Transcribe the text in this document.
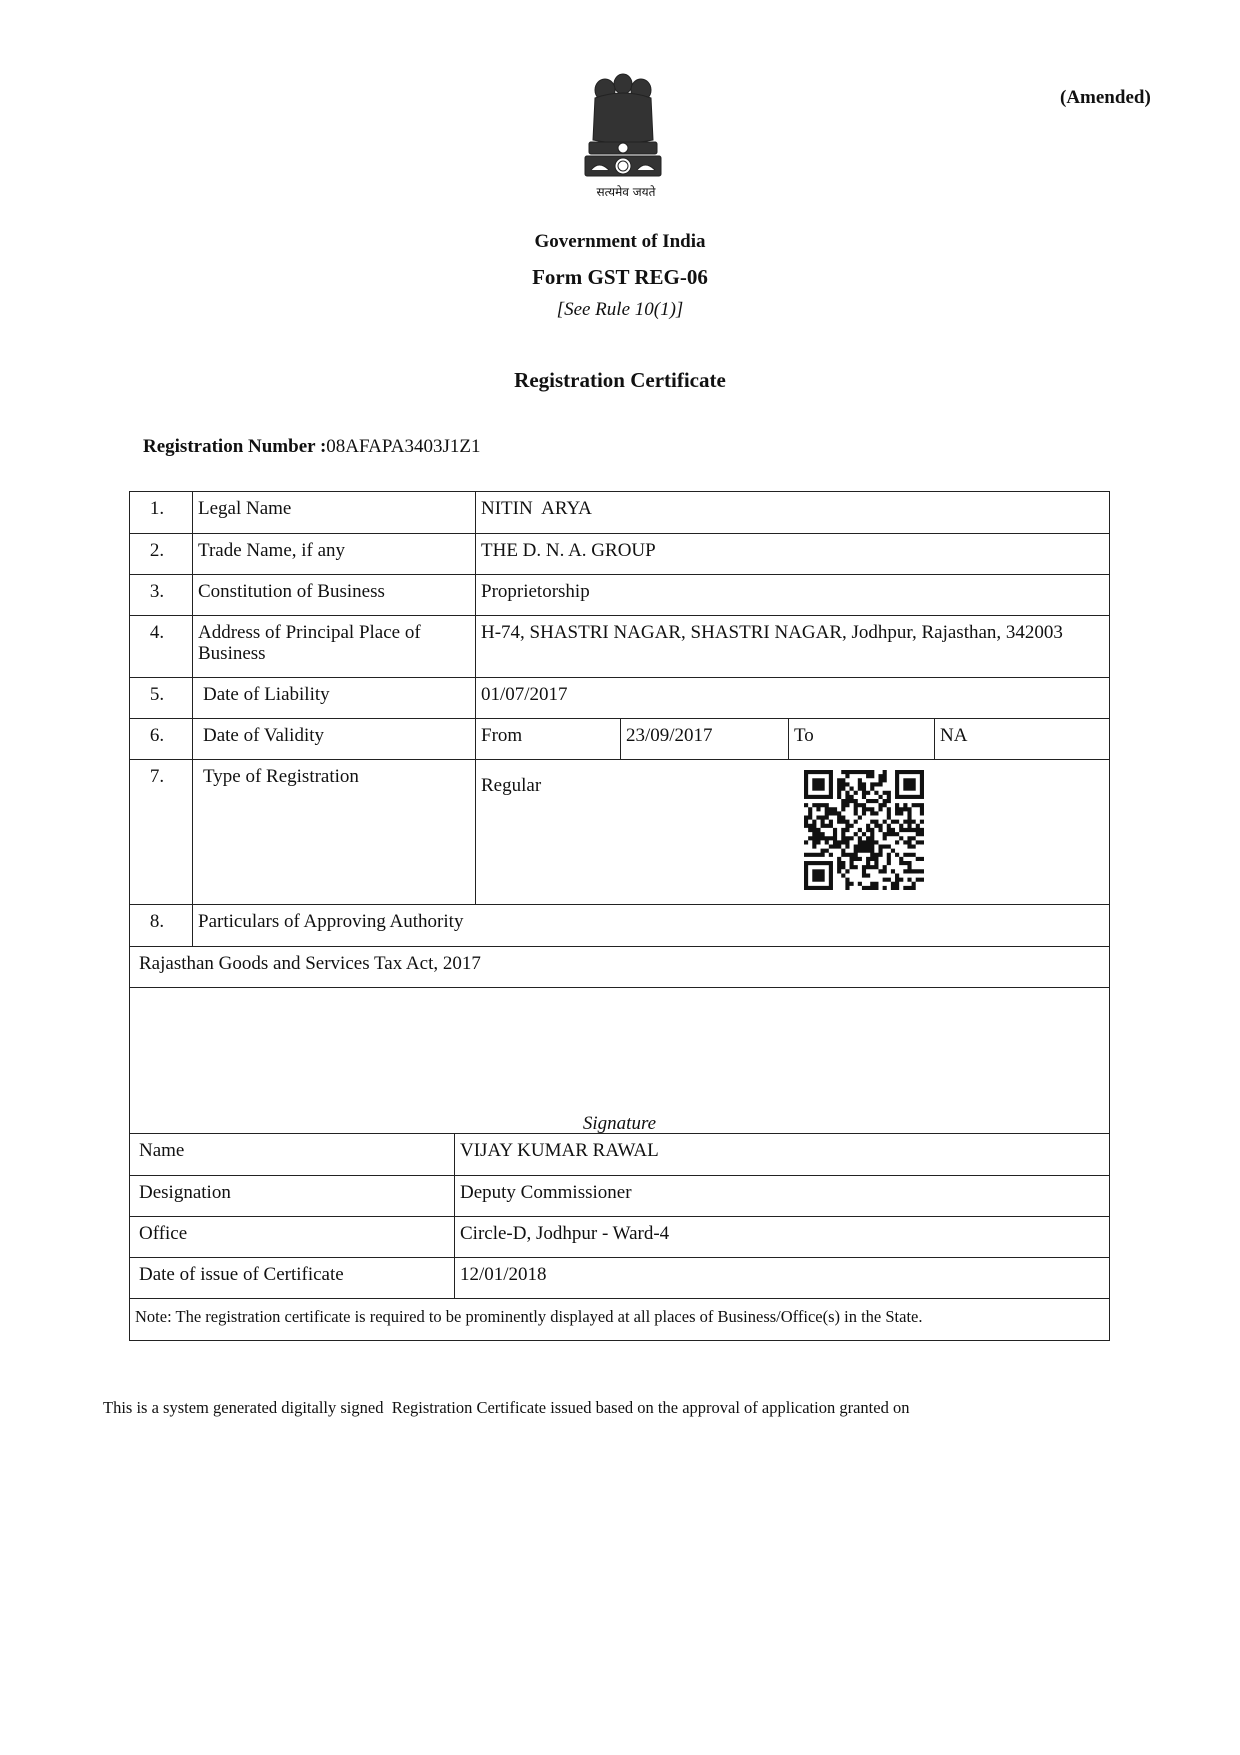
(Amended)
सत्यमेव जयते
Government of India
Form GST REG-06
[See Rule 10(1)]
Registration Certificate
Registration Number :08AFAPA3403J1Z1
1.	Legal Name	NITIN  ARYA			
2.	Trade Name, if any	THE D. N. A. GROUP			
3.	Constitution of Business	Proprietorship			
4.	Address of Principal Place of Business	H-74, SHASTRI NAGAR, SHASTRI NAGAR, Jodhpur, Rajasthan, 342003			
5.	Date of Liability	01/07/2017			
6.	Date of Validity	From	23/09/2017	To	NA
7.	Type of Registration	Regular			

8.	Particulars of Approving Authority				
Rajasthan Goods and Services Tax Act, 2017	

Signature	

Name	VIJAY KUMAR RAWAL
Designation	Deputy Commissioner
Office	Circle-D, Jodhpur - Ward-4
Date of issue of Certificate	12/01/2018
Note: The registration certificate is required to be prominently displayed at all places of Business/Office(s) in the State.	
This is a system generated digitally signed  Registration Certificate issued based on the approval of application granted on
